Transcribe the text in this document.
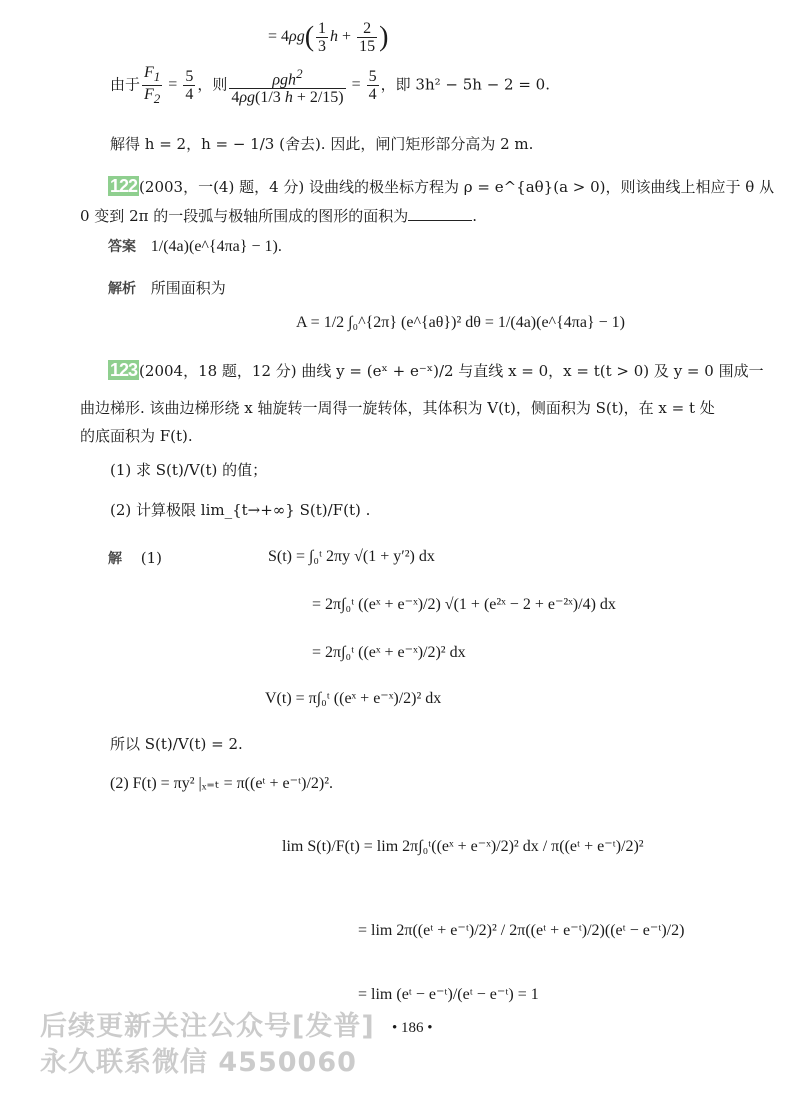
= $4\rho g( \frac{1}{3}$ $h + \frac{2}{15}$ )
由于 $\frac{F_1}{F_2} = \frac{5}{4}$ ，则 $\frac{\rho gh^2}{4\rho g(1/3 h + 2/15)} = \frac{5}{4}$ ，即 3h² − 5h − 2 = 0.
解得 h = 2，h = − 1/3 (舍去). 因此，闸门矩形部分高为 2 m.
122 (2003，一(4) 题，4 分) 设曲线的极坐标方程为 ρ = e^{aθ}(a > 0)，则该曲线上相应于 θ 从
0 变到 2π 的一段弧与极轴所围成的图形的面积为	.
答案 1/(4a)(e^{4πa} − 1).
解析 所围面积为
A = 1/2 ∫₀^{2π} (e^{aθ})² dθ = 1/(4a)(e^{4πa} − 1)
123 (2004，18 题，12 分) 曲线 y = (eˣ + e⁻ˣ)/2 与直线 x = 0，x = t(t > 0) 及 y = 0 围成一
曲边梯形. 该曲边梯形绕 x 轴旋转一周得一旋转体，其体积为 V(t)，侧面积为 S(t)，在 x = t 处
的底面积为 F(t).
(1) 求 S(t)/V(t) 的值；
(2) 计算极限 lim_{t→+∞} S(t)/F(t) .
解 (1)	S(t) = ∫₀ᵗ 2πy √(1 + y′²) dx
= 2π∫₀ᵗ ((eˣ + e⁻ˣ)/2) √(1 + (e²ˣ − 2 + e⁻²ˣ)/4) dx
= 2π∫₀ᵗ ((eˣ + e⁻ˣ)/2)² dx
V(t) = π∫₀ᵗ ((eˣ + e⁻ˣ)/2)² dx
所以 S(t)/V(t) = 2.
(2) F(t) = πy² |ₓ₌ₜ = π((eᵗ + e⁻ᵗ)/2)².
lim S(t)/F(t) = lim 2π∫₀ᵗ((eˣ + e⁻ˣ)/2)² dx / π((eᵗ + e⁻ᵗ)/2)²
= lim 2π((eᵗ + e⁻ᵗ)/2)² / 2π((eᵗ + e⁻ᵗ)/2)((eᵗ − e⁻ᵗ)/2)
= lim (eᵗ − e⁻ᵗ)/(eᵗ − e⁻ᵗ) = 1
• 186 •
后续更新关注公众号[发普]
永久联系微信 4550060
